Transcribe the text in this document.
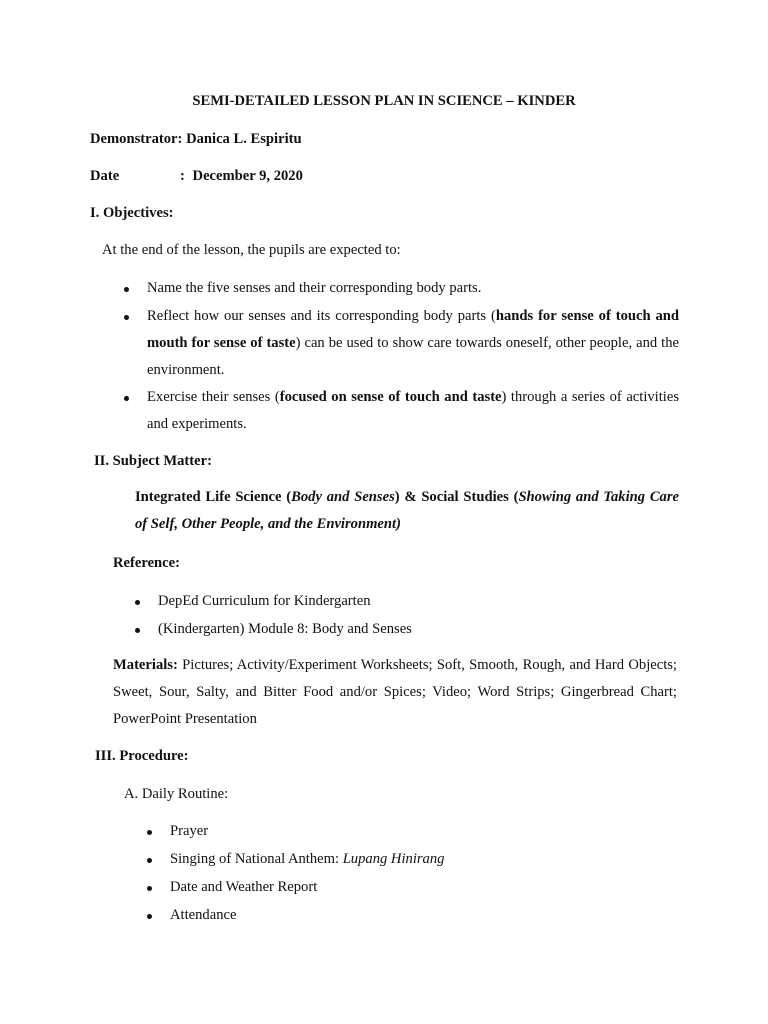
SEMI-DETAILED LESSON PLAN IN SCIENCE – KINDER
Demonstrator: Danica L. Espiritu
Date	: December 9, 2020
I. Objectives:
At the end of the lesson, the pupils are expected to:
Name the five senses and their corresponding body parts.
Reflect how our senses and its corresponding body parts (hands for sense of touch and mouth for sense of taste) can be used to show care towards oneself, other people, and the environment.
Exercise their senses (focused on sense of touch and taste) through a series of activities and experiments.
II. Subject Matter:
Integrated Life Science (Body and Senses) & Social Studies (Showing and Taking Care of Self, Other People, and the Environment)
Reference:
DepEd Curriculum for Kindergarten
(Kindergarten) Module 8: Body and Senses
Materials: Pictures; Activity/Experiment Worksheets; Soft, Smooth, Rough, and Hard Objects; Sweet, Sour, Salty, and Bitter Food and/or Spices; Video; Word Strips; Gingerbread Chart; PowerPoint Presentation
III. Procedure:
A. Daily Routine:
Prayer
Singing of National Anthem: Lupang Hinirang
Date and Weather Report
Attendance
